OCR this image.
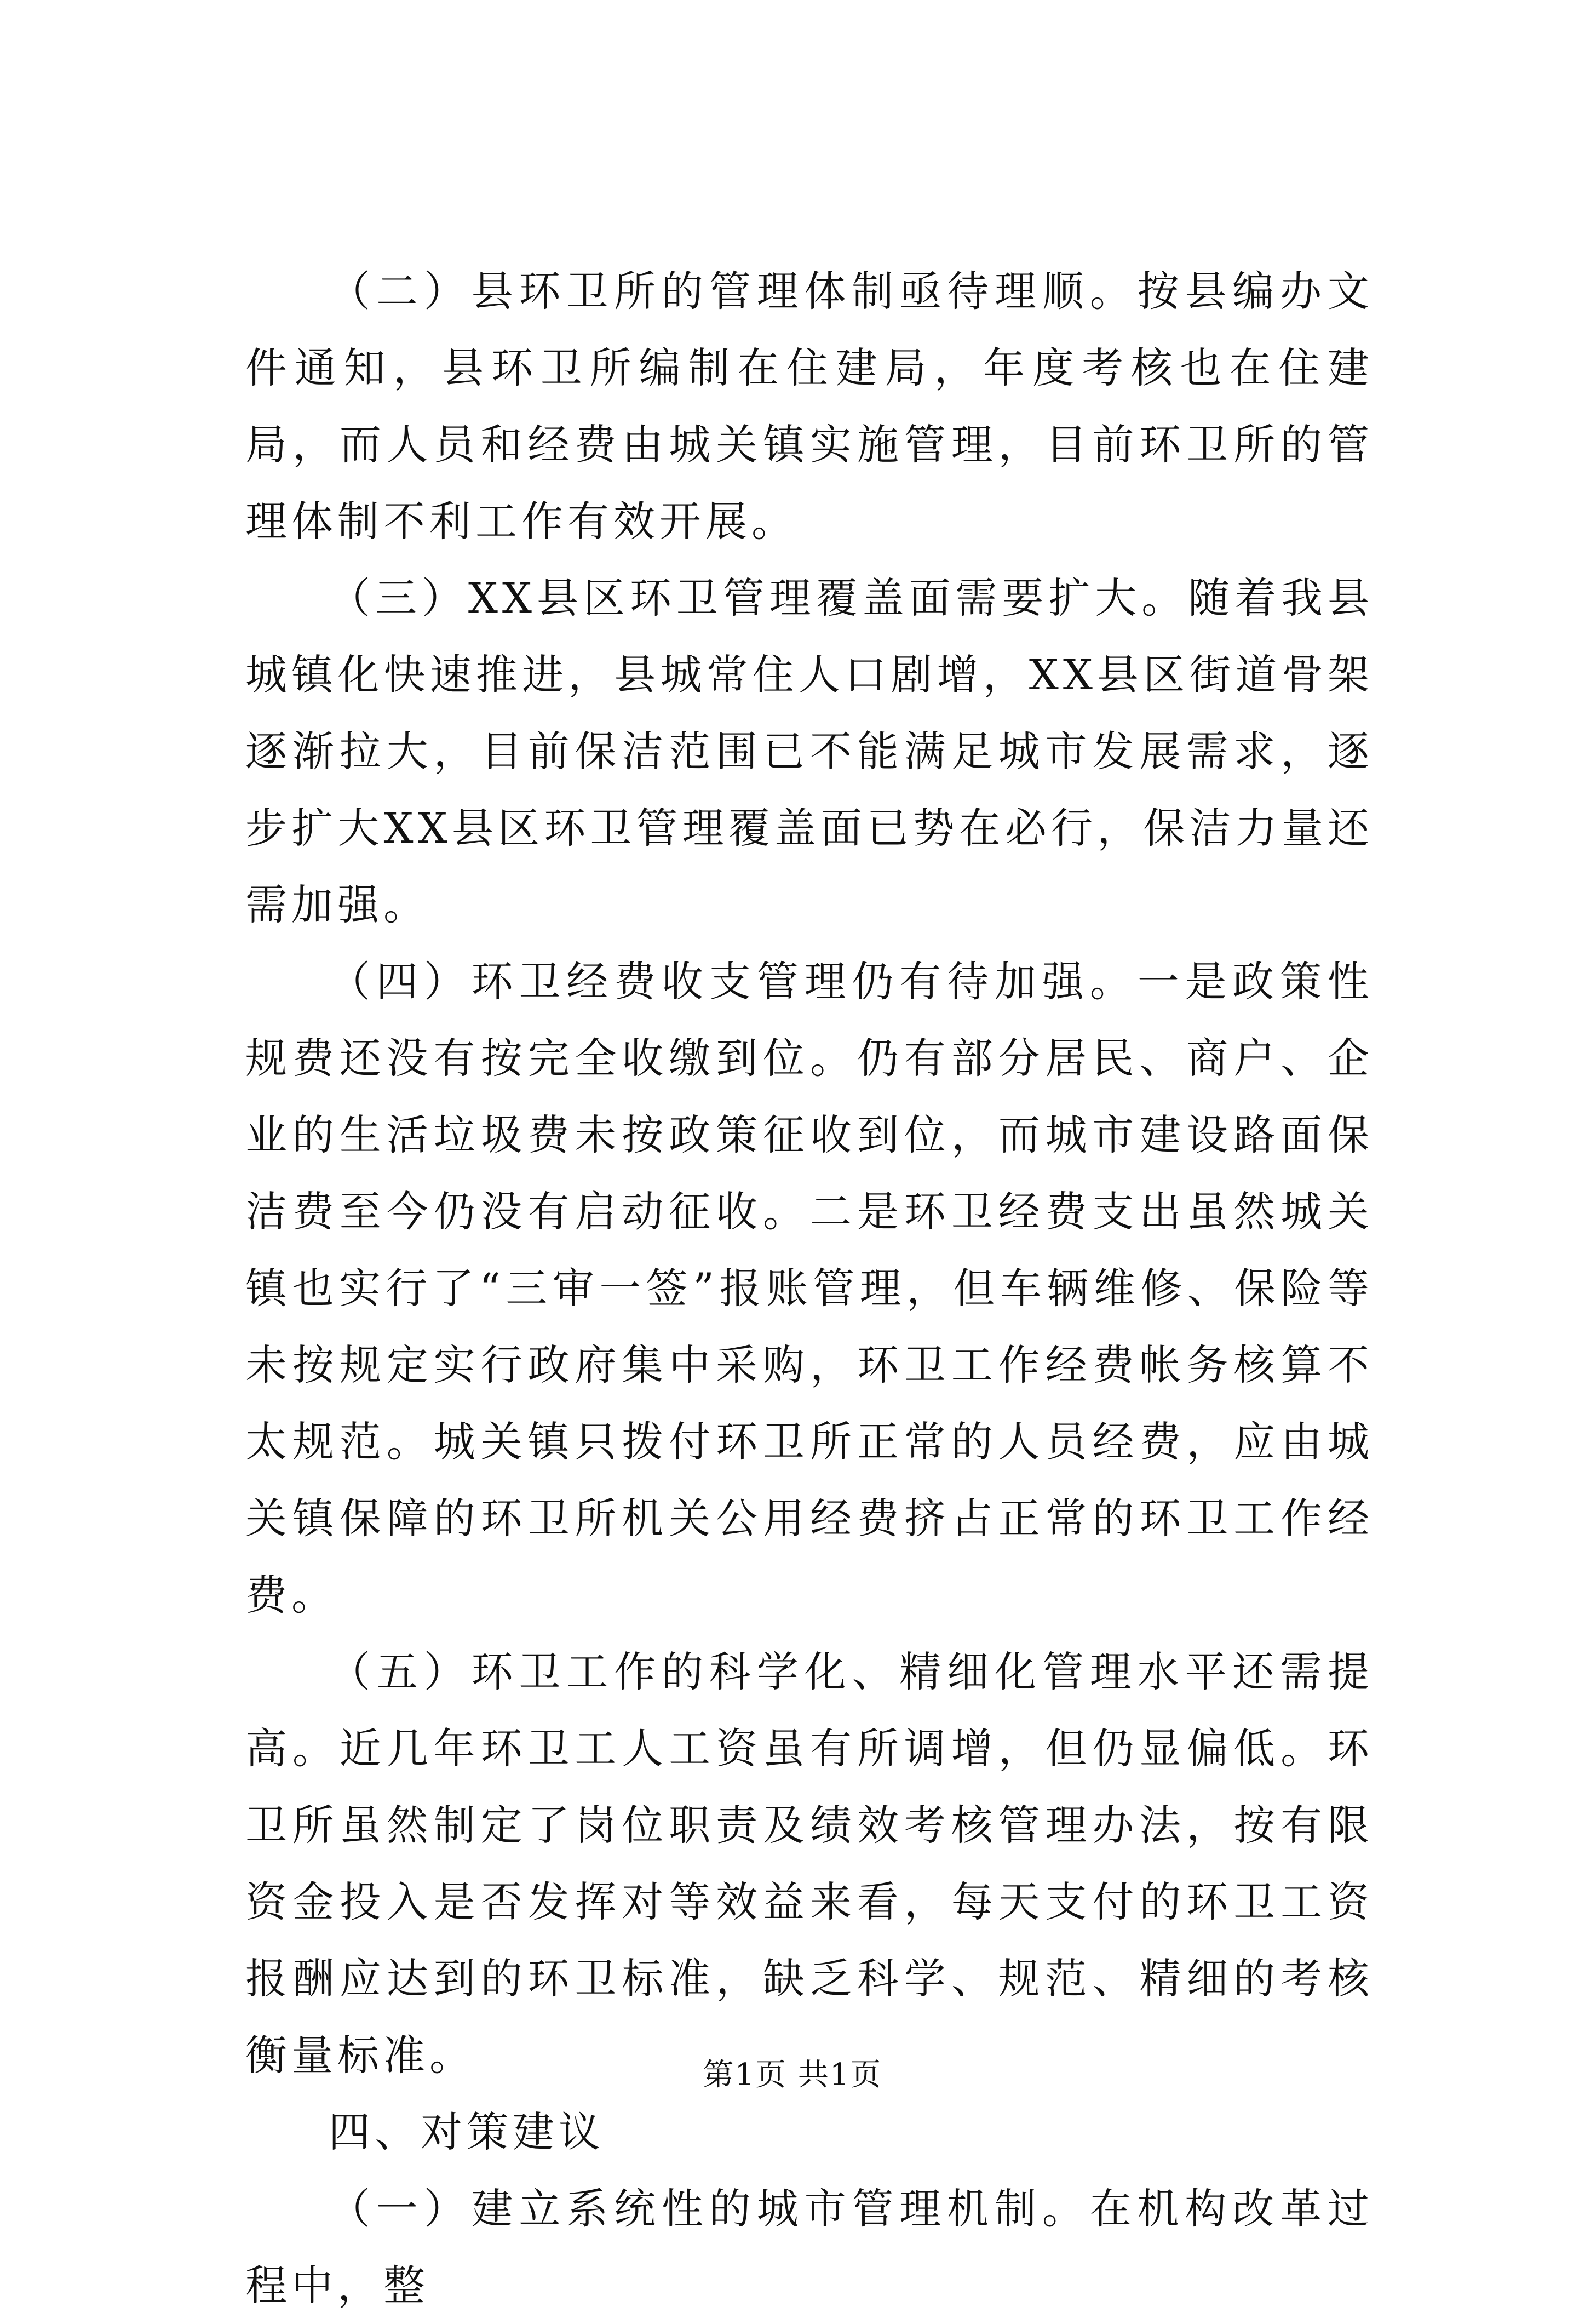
（二）县环卫所的管理体制亟待理顺。按县编办文件通知，县环卫所编制在住建局，年度考核也在住建局，而人员和经费由城关镇实施管理，目前环卫所的管理体制不利工作有效开展。

（三）XX县区环卫管理覆盖面需要扩大。随着我县城镇化快速推进，县城常住人口剧增，XX县区街道骨架逐渐拉大，目前保洁范围已不能满足城市发展需求，逐步扩大XX县区环卫管理覆盖面已势在必行，保洁力量还需加强。

（四）环卫经费收支管理仍有待加强。一是政策性规费还没有按完全收缴到位。仍有部分居民、商户、企业的生活垃圾费未按政策征收到位，而城市建设路面保洁费至今仍没有启动征收。二是环卫经费支出虽然城关镇也实行了“三审一签”报账管理，但车辆维修、保险等未按规定实行政府集中采购，环卫工作经费帐务核算不太规范。城关镇只拨付环卫所正常的人员经费，应由城关镇保障的环卫所机关公用经费挤占正常的环卫工作经费。

（五）环卫工作的科学化、精细化管理水平还需提高。近几年环卫工人工资虽有所调增，但仍显偏低。环卫所虽然制定了岗位职责及绩效考核管理办法，按有限资金投入是否发挥对等效益来看，每天支付的环卫工资报酬应达到的环卫标准，缺乏科学、规范、精细的考核衡量标准。

四、对策建议

（一）建立系统性的城市管理机制。在机构改革过程中，整

第1页 共1页
